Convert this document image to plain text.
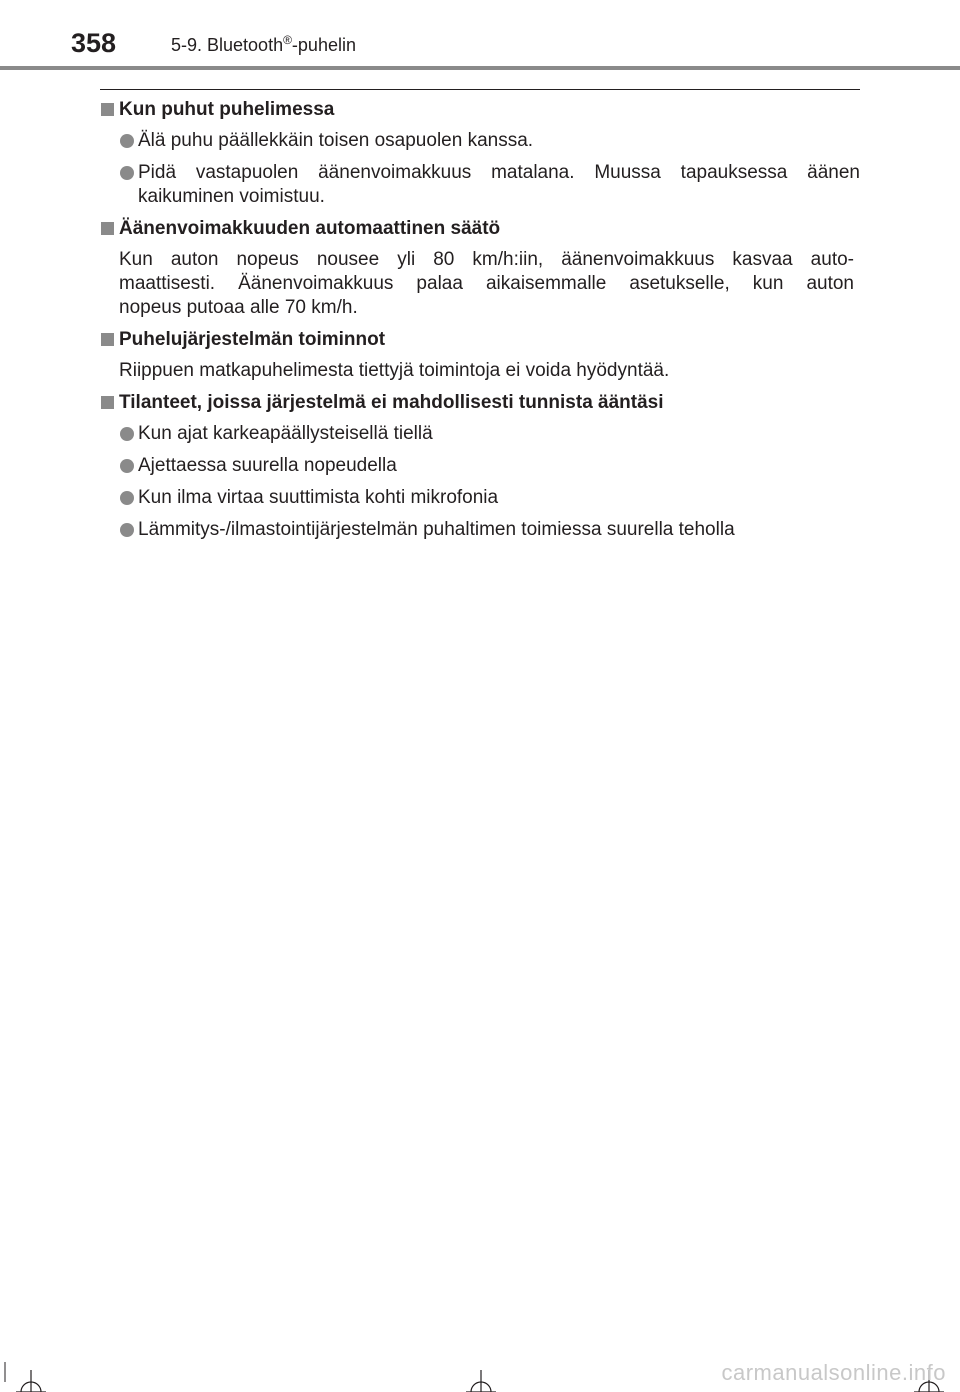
358	5-9. Bluetooth®-puhelin
Kun puhut puhelimessa
Älä puhu päällekkäin toisen osapuolen kanssa.
Pidä vastapuolen äänenvoimakkuus matalana. Muussa tapauksessa äänen kaikuminen voimistuu.
Äänenvoimakkuuden automaattinen säätö
Kun auton nopeus nousee yli 80 km/h:iin, äänenvoimakkuus kasvaa auto-
maattisesti. Äänenvoimakkuus palaa aikaisemmalle asetukselle, kun auton
nopeus putoaa alle 70 km/h.
Puhelujärjestelmän toiminnot
Riippuen matkapuhelimesta tiettyjä toimintoja ei voida hyödyntää.
Tilanteet, joissa järjestelmä ei mahdollisesti tunnista ääntäsi
Kun ajat karkeapäällysteisellä tiellä
Ajettaessa suurella nopeudella
Kun ilma virtaa suuttimista kohti mikrofonia
Lämmitys-/ilmastointijärjestelmän puhaltimen toimiessa suurella teholla
carmanualsonline.info
